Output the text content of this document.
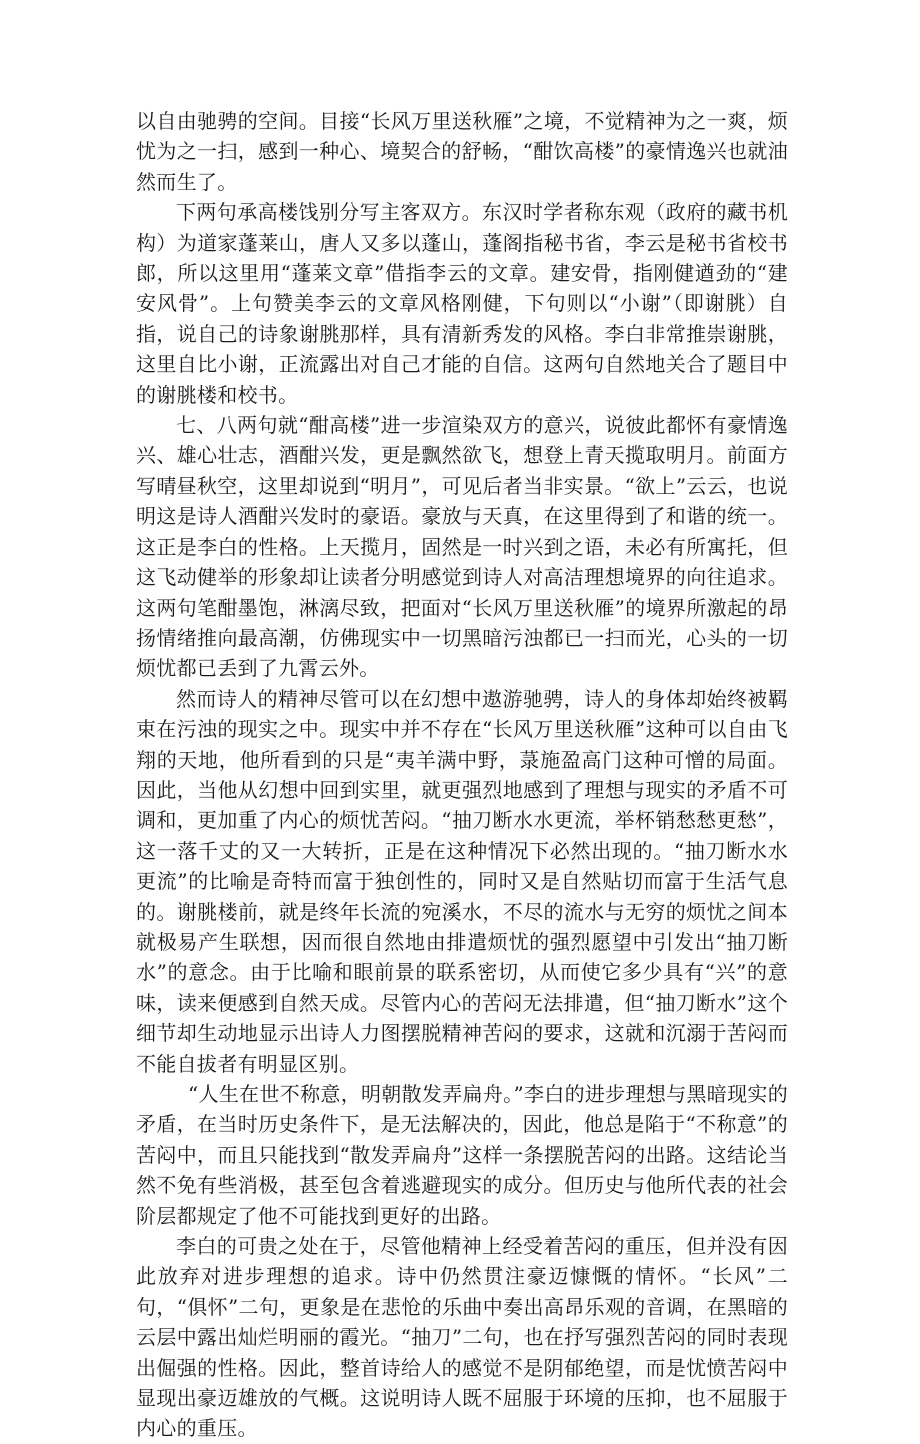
以自由驰骋的空间。目接“长风万里送秋雁”之境，不觉精神为之一爽，烦忧为之一扫，感到一种心、境契合的舒畅，“酣饮高楼”的豪情逸兴也就油然而生了。

下两句承高楼饯别分写主客双方。东汉时学者称东观（政府的藏书机构）为道家蓬莱山，唐人又多以蓬山，蓬阁指秘书省，李云是秘书省校书郎，所以这里用“蓬莱文章”借指李云的文章。建安骨，指刚健遒劲的“建安风骨”。上句赞美李云的文章风格刚健，下句则以“小谢”（即谢朓）自指，说自己的诗象谢朓那样，具有清新秀发的风格。李白非常推崇谢朓，这里自比小谢，正流露出对自己才能的自信。这两句自然地关合了题目中的谢朓楼和校书。

七、八两句就“酣高楼”进一步渲染双方的意兴，说彼此都怀有豪情逸兴、雄心壮志，酒酣兴发，更是飘然欲飞，想登上青天揽取明月。前面方写晴昼秋空，这里却说到“明月”，可见后者当非实景。“欲上”云云，也说明这是诗人酒酣兴发时的豪语。豪放与天真，在这里得到了和谐的统一。这正是李白的性格。上天揽月，固然是一时兴到之语，未必有所寓托，但这飞动健举的形象却让读者分明感觉到诗人对高洁理想境界的向往追求。这两句笔酣墨饱，淋漓尽致，把面对“长风万里送秋雁”的境界所激起的昂扬情绪推向最高潮，仿佛现实中一切黑暗污浊都已一扫而光，心头的一切烦忧都已丢到了九霄云外。

然而诗人的精神尽管可以在幻想中遨游驰骋，诗人的身体却始终被羁束在污浊的现实之中。现实中并不存在“长风万里送秋雁”这种可以自由飞翔的天地，他所看到的只是“夷羊满中野，菉施盈高门这种可憎的局面。因此，当他从幻想中回到实里，就更强烈地感到了理想与现实的矛盾不可调和，更加重了内心的烦忧苦闷。“抽刀断水水更流，举杯销愁愁更愁”，这一落千丈的又一大转折，正是在这种情况下必然出现的。“抽刀断水水更流”的比喻是奇特而富于独创性的，同时又是自然贴切而富于生活气息的。谢朓楼前，就是终年长流的宛溪水，不尽的流水与无穷的烦忧之间本就极易产生联想，因而很自然地由排遣烦忧的强烈愿望中引发出“抽刀断水”的意念。由于比喻和眼前景的联系密切，从而使它多少具有“兴”的意味，读来便感到自然天成。尽管内心的苦闷无法排遣，但“抽刀断水”这个细节却生动地显示出诗人力图摆脱精神苦闷的要求，这就和沉溺于苦闷而不能自拔者有明显区别。

“人生在世不称意，明朝散发弄扁舟。”李白的进步理想与黑暗现实的矛盾，在当时历史条件下，是无法解决的，因此，他总是陷于“不称意”的苦闷中，而且只能找到“散发弄扁舟”这样一条摆脱苦闷的出路。这结论当然不免有些消极，甚至包含着逃避现实的成分。但历史与他所代表的社会阶层都规定了他不可能找到更好的出路。

李白的可贵之处在于，尽管他精神上经受着苦闷的重压，但并没有因此放弃对进步理想的追求。诗中仍然贯注豪迈慷慨的情怀。“长风”二句，“俱怀”二句，更象是在悲怆的乐曲中奏出高昂乐观的音调，在黑暗的云层中露出灿烂明丽的霞光。“抽刀”二句，也在抒写强烈苦闷的同时表现出倔强的性格。因此，整首诗给人的感觉不是阴郁绝望，而是忧愤苦闷中显现出豪迈雄放的气概。这说明诗人既不屈服于环境的压抑，也不屈服于内心的重压。
